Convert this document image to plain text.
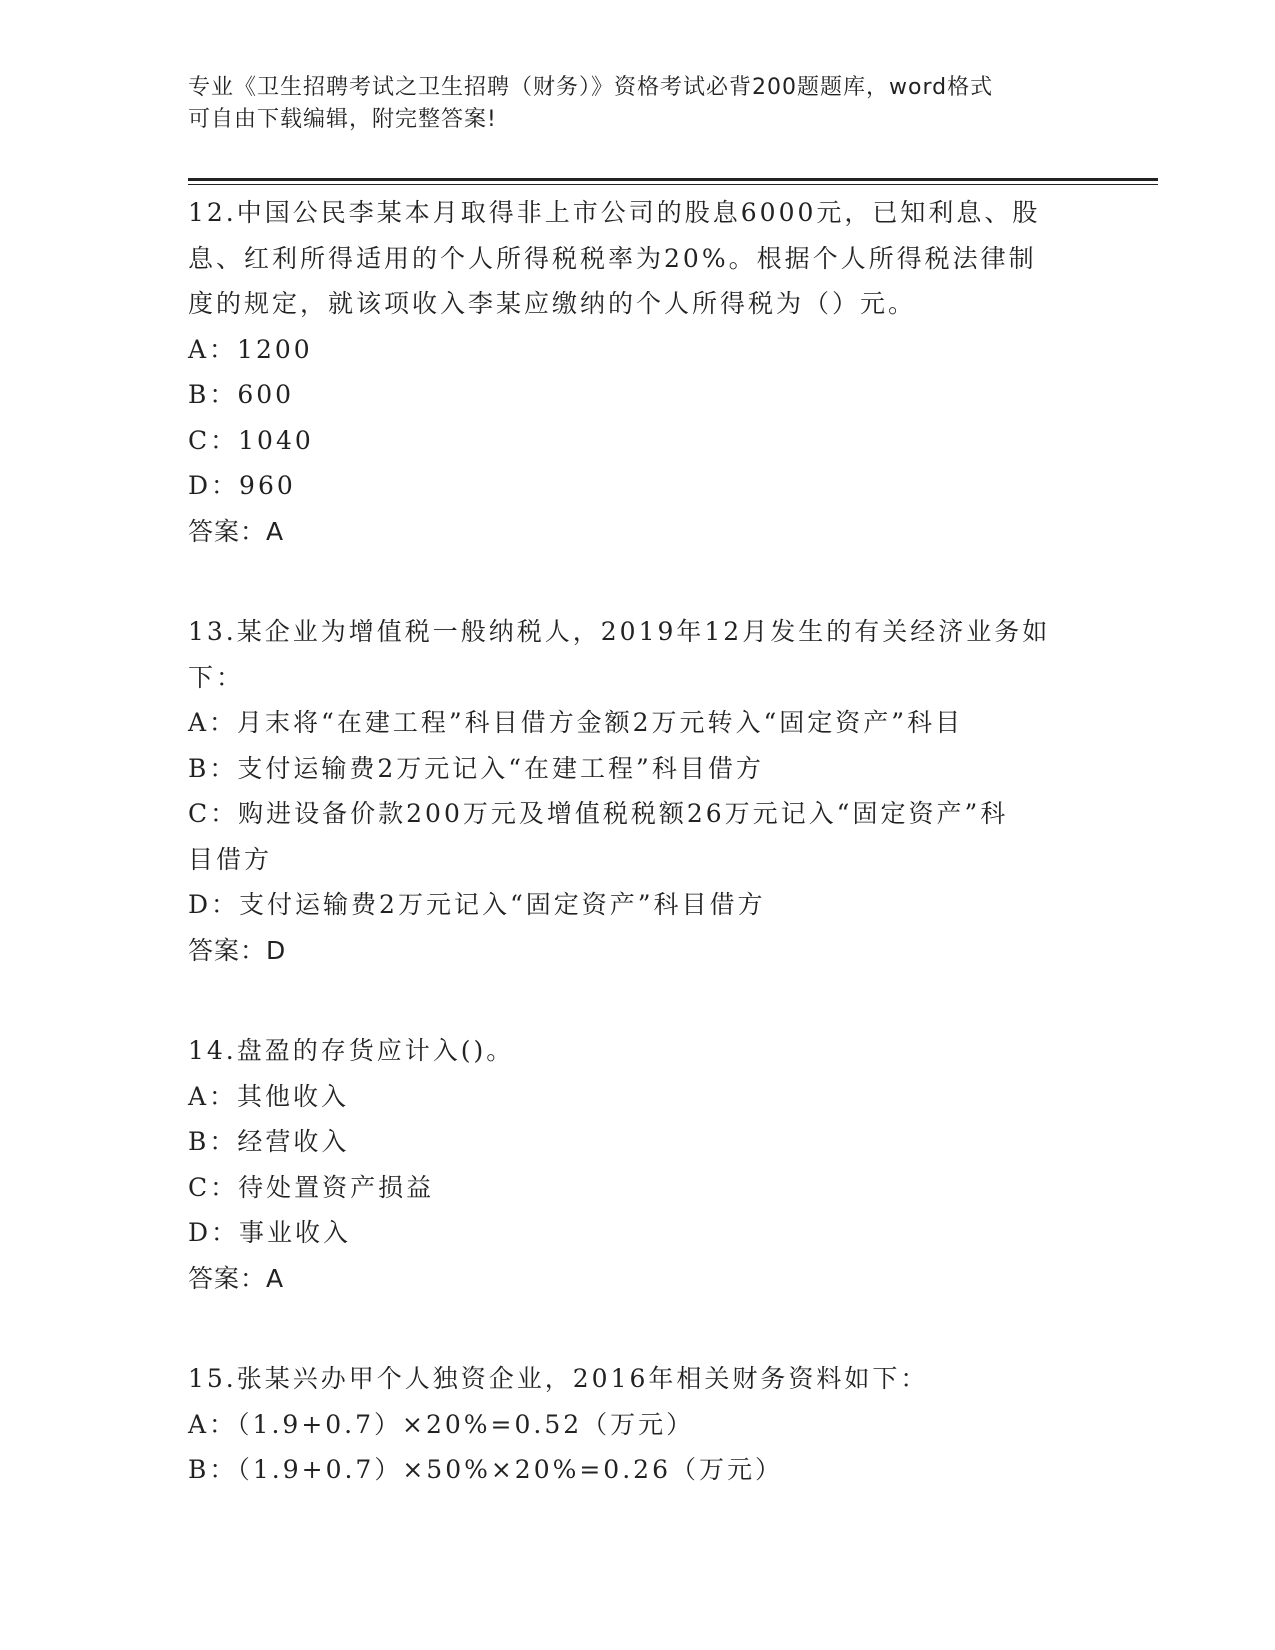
专业《卫生招聘考试之卫生招聘（财务）》资格考试必背200题题库，word格式
可自由下载编辑，附完整答案!
12.中国公民李某本月取得非上市公司的股息6000元，已知利息、股
息、红利所得适用的个人所得税税率为20%。根据个人所得税法律制
度的规定，就该项收入李某应缴纳的个人所得税为（）元。
A：1200
B：600
C：1040
D：960
答案：A
13.某企业为增值税一般纳税人，2019年12月发生的有关经济业务如
下：
A：月末将“在建工程”科目借方金额2万元转入“固定资产”科目
B：支付运输费2万元记入“在建工程”科目借方
C：购进设备价款200万元及增值税税额26万元记入“固定资产”科
目借方
D：支付运输费2万元记入“固定资产”科目借方
答案：D
14.盘盈的存货应计入()。
A：其他收入
B：经营收入
C：待处置资产损益
D：事业收入
答案：A
15.张某兴办甲个人独资企业，2016年相关财务资料如下：
A：（1.9+0.7）×20%=0.52（万元）
B：（1.9+0.7）×50%×20%=0.26（万元）
